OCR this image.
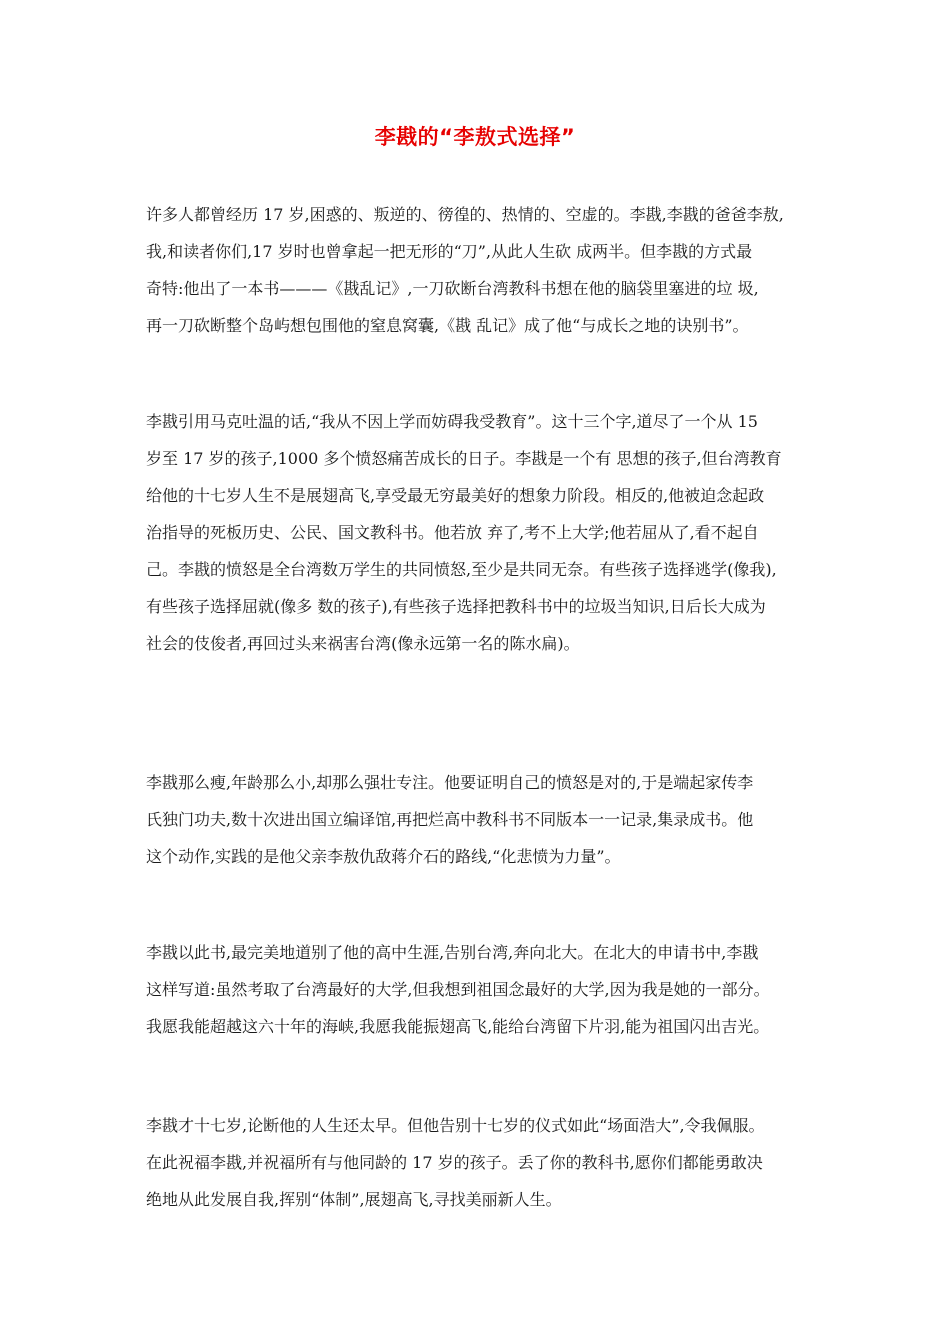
李戡的“李敖式选择”
许多人都曾经历 17 岁,困惑的、叛逆的、徬徨的、热情的、空虚的。李戡,李戡的爸爸李敖,
我,和读者你们,17 岁时也曾拿起一把无形的“刀”,从此人生砍 成两半。但李戡的方式最
奇特:他出了一本书———《戡乱记》,一刀砍断台湾教科书想在他的脑袋里塞进的垃 圾,
再一刀砍断整个岛屿想包围他的窒息窝囊,《戡 乱记》成了他“与成长之地的诀别书”。
李戡引用马克吐温的话,“我从不因上学而妨碍我受教育”。这十三个字,道尽了一个从 15
岁至 17 岁的孩子,1000 多个愤怒痛苦成长的日子。李戡是一个有 思想的孩子,但台湾教育
给他的十七岁人生不是展翅高飞,享受最无穷最美好的想象力阶段。相反的,他被迫念起政
治指导的死板历史、公民、国文教科书。他若放 弃了,考不上大学;他若屈从了,看不起自
己。李戡的愤怒是全台湾数万学生的共同愤怒,至少是共同无奈。有些孩子选择逃学(像我),
有些孩子选择屈就(像多 数的孩子),有些孩子选择把教科书中的垃圾当知识,日后长大成为
社会的伎俊者,再回过头来祸害台湾(像永远第一名的陈水扁)。
李戡那么瘦,年龄那么小,却那么强壮专注。他要证明自己的愤怒是对的,于是端起家传李
氏独门功夫,数十次进出国立编译馆,再把烂高中教科书不同版本一一记录,集录成书。他
这个动作,实践的是他父亲李敖仇敌蒋介石的路线,“化悲愤为力量”。
李戡以此书,最完美地道别了他的高中生涯,告别台湾,奔向北大。在北大的申请书中,李戡
这样写道:虽然考取了台湾最好的大学,但我想到祖国念最好的大学,因为我是她的一部分。
我愿我能超越这六十年的海峡,我愿我能振翅高飞,能给台湾留下片羽,能为祖国闪出吉光。
李戡才十七岁,论断他的人生还太早。但他告别十七岁的仪式如此“场面浩大”,令我佩服。
在此祝福李戡,并祝福所有与他同龄的 17 岁的孩子。丢了你的教科书,愿你们都能勇敢决
绝地从此发展自我,挥别“体制”,展翅高飞,寻找美丽新人生。
